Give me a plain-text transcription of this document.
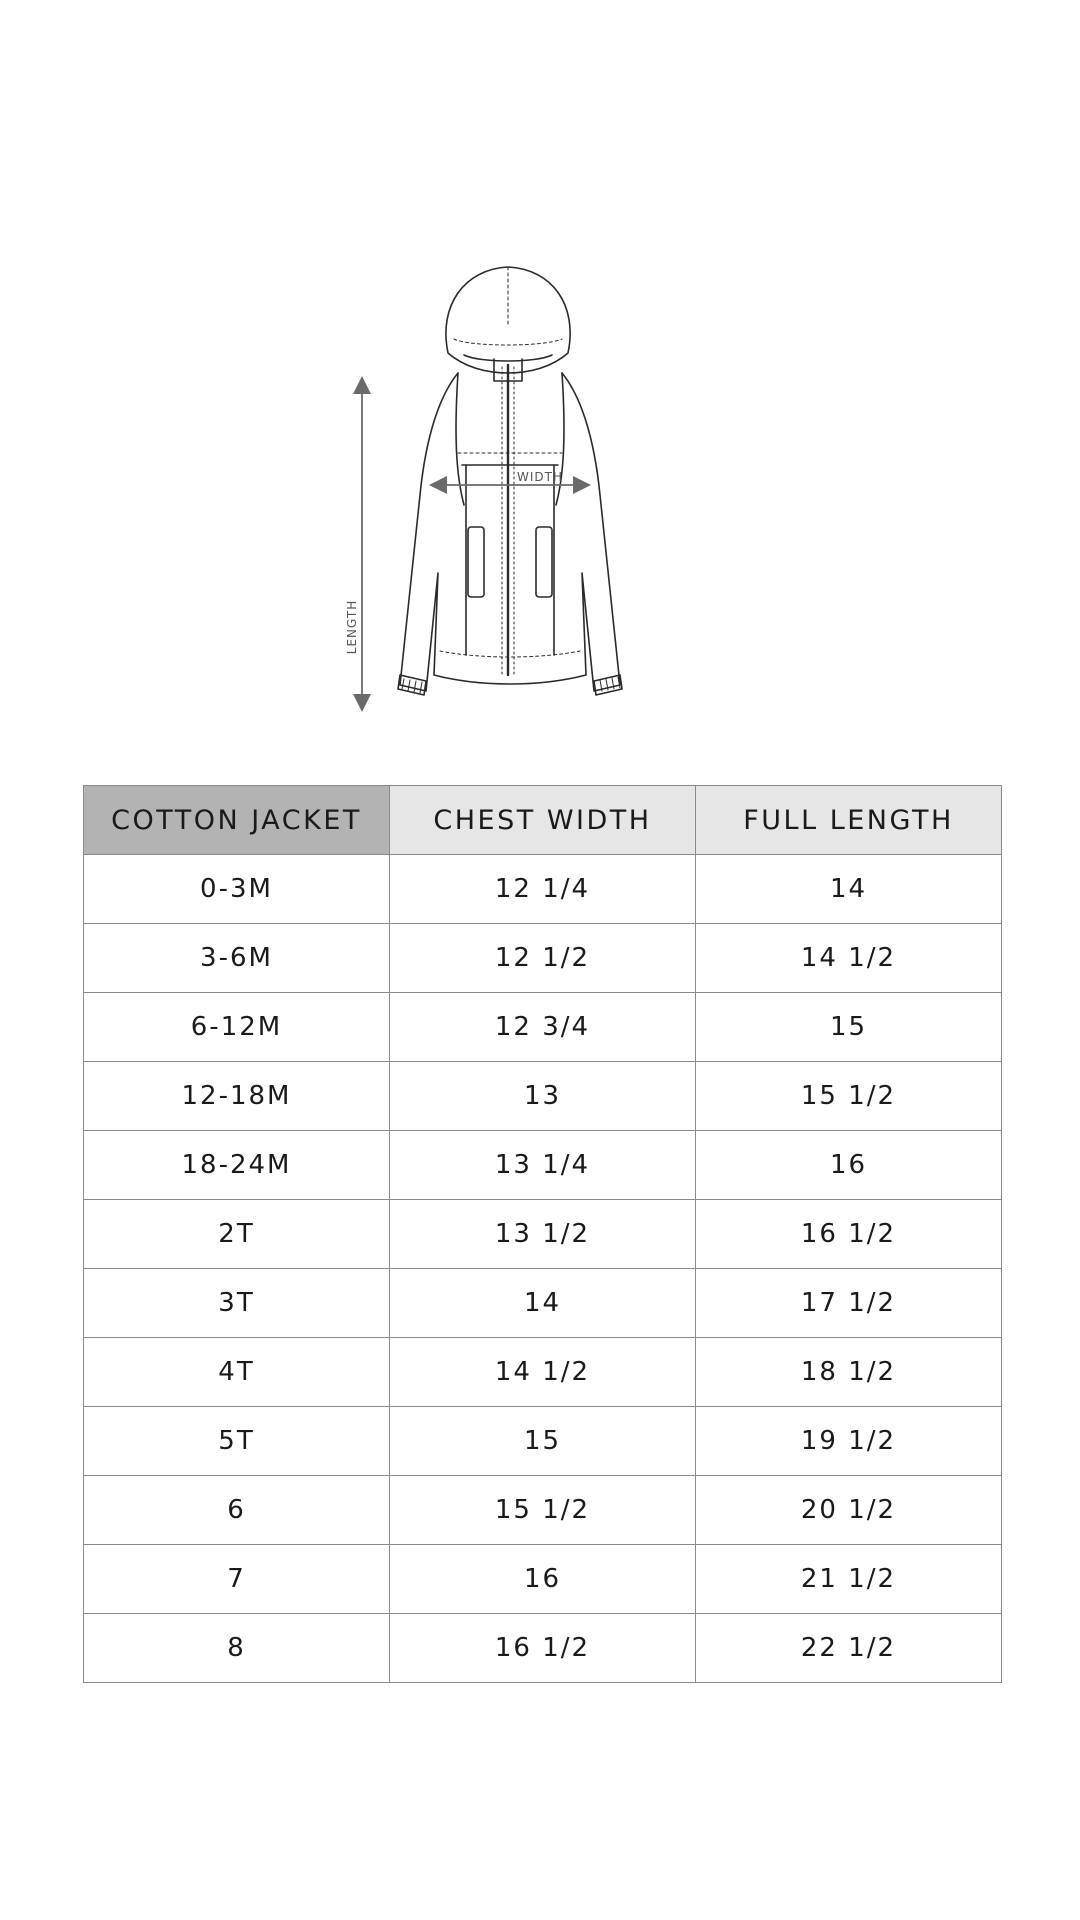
WIDTH
LENGTH
COTTON JACKET	CHEST WIDTH	FULL LENGTH
0-3M	12 1/4	14
3-6M	12 1/2	14 1/2
6-12M	12 3/4	15
12-18M	13	15 1/2
18-24M	13 1/4	16
2T	13 1/2	16 1/2
3T	14	17 1/2
4T	14 1/2	18 1/2
5T	15	19 1/2
6	15 1/2	20 1/2
7	16	21 1/2
8	16 1/2	22 1/2
